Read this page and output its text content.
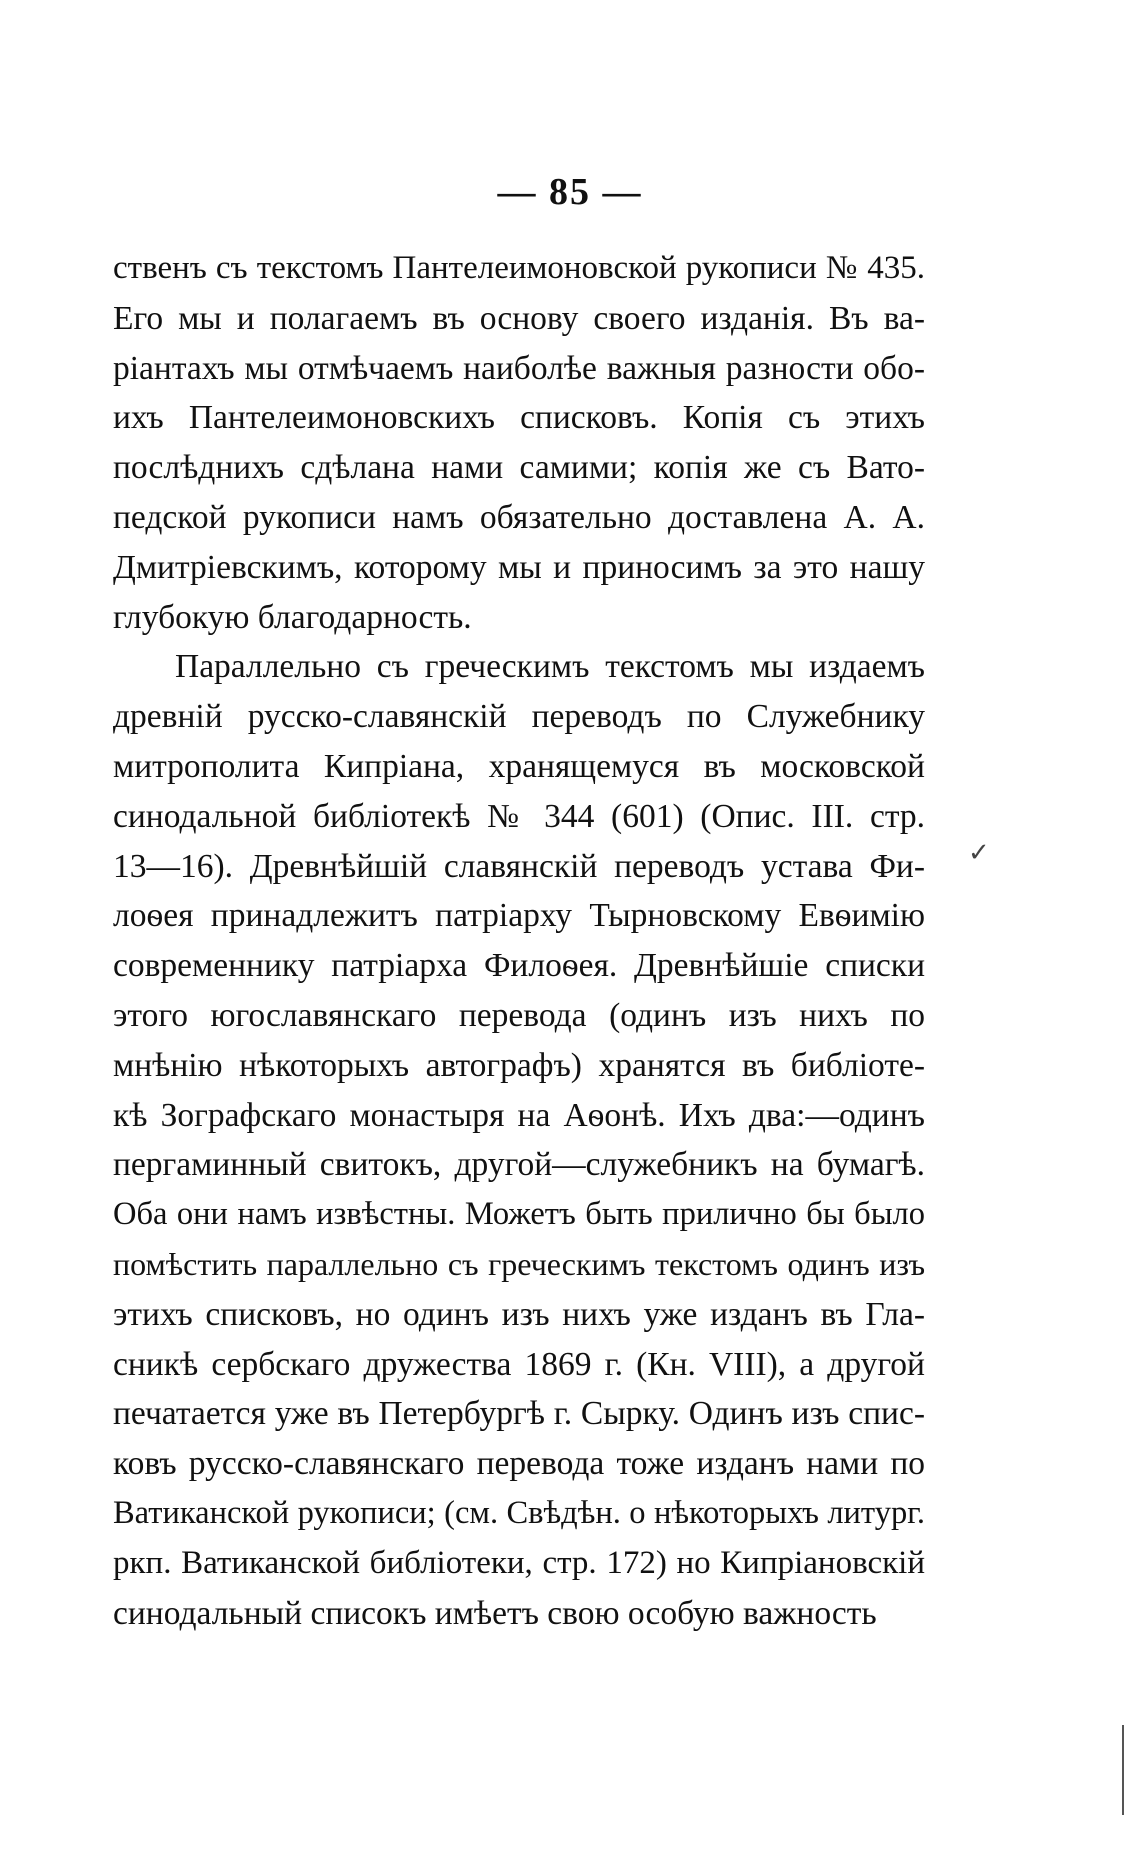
— 85 —
ственъ съ текстомъ Пантелеимоновской рукописи № 435.
Его мы и полагаемъ въ основу своего изданія. Въ ва-
ріантахъ мы отмѣчаемъ наиболѣе важныя разности обо-
ихъ Пантелеимоновскихъ списковъ. Копія съ этихъ
послѣднихъ сдѣлана нами самими; копія же съ Вато-
педской рукописи намъ обязательно доставлена А. А.
Дмитріевскимъ, которому мы и приносимъ за это нашу
глубокую благодарность.
Параллельно съ греческимъ текстомъ мы издаемъ
древній русско-славянскій переводъ по Служебнику
митрополита Кипріана, хранящемуся въ московской
синодальной библіотекѣ № 344 (601) (Опис. III. стр.
13—16). Древнѣйшій славянскій переводъ устава Фи-
лоѳея принадлежитъ патріарху Тырновскому Евѳимію
современнику патріарха Филоѳея. Древнѣйшіе списки
этого югославянскаго перевода (одинъ изъ нихъ по
мнѣнію нѣкоторыхъ автографъ) хранятся въ библіоте-
кѣ Зографскаго монастыря на Аѳонѣ. Ихъ два:—одинъ
пергаминный свитокъ, другой—служебникъ на бумагѣ.
Оба они намъ извѣстны. Можетъ быть прилично бы было
помѣстить параллельно съ греческимъ текстомъ одинъ изъ
этихъ списковъ, но одинъ изъ нихъ уже изданъ въ Гла-
сникѣ сербскаго дружества 1869 г. (Кн. VIII), а другой
печатается уже въ Петербургѣ г. Сырку. Одинъ изъ спис-
ковъ русско-славянскаго перевода тоже изданъ нами по
Ватиканской рукописи; (см. Свѣдѣн. о нѣкоторыхъ литург.
ркп. Ватиканской библіотеки, стр. 172) но Кипріановскій
синодальный списокъ имѣетъ свою особую важность
✓
